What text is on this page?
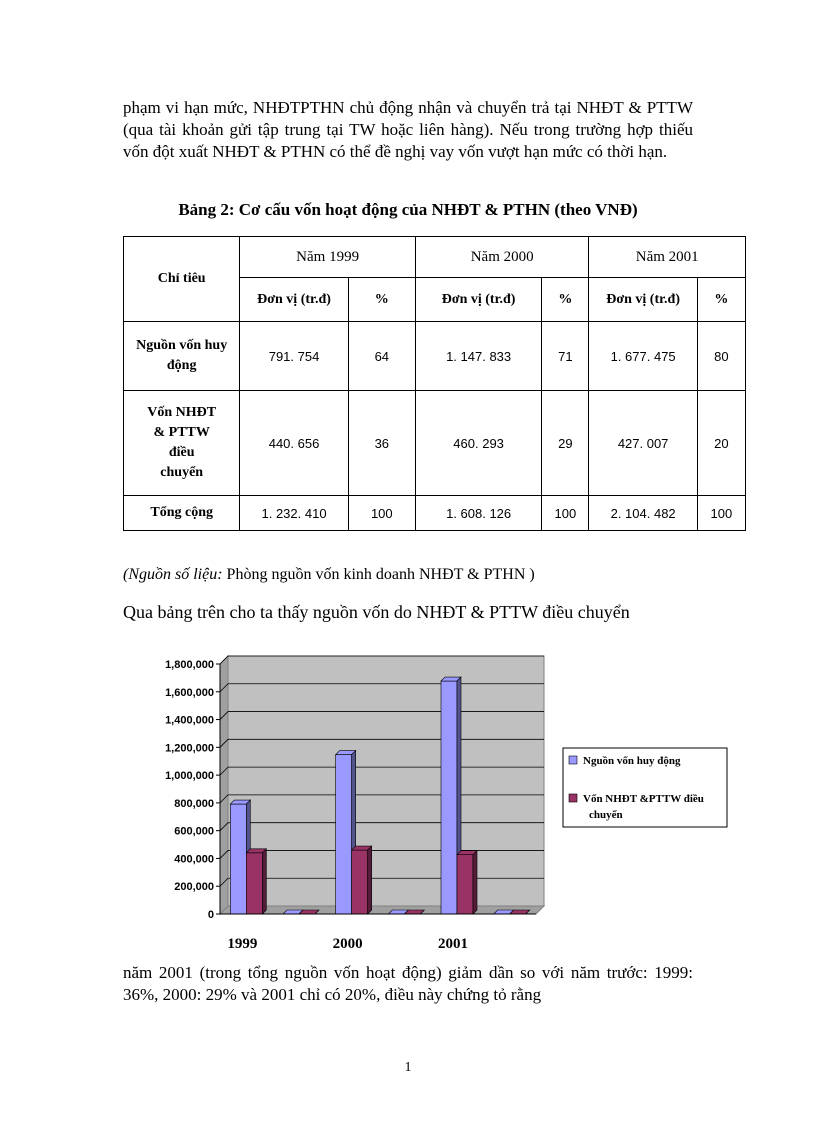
phạm vi hạn mức, NHĐTPTHN chủ động nhận và chuyển trả tại NHĐT & PTTW (qua tài khoản gửi tập trung tại TW hoặc liên hàng). Nếu trong trường hợp thiếu vốn đột xuất NHĐT & PTHN có thể đề nghị vay vốn vượt hạn mức có thời hạn.

Bảng 2: Cơ cấu vốn hoạt động của NHĐT & PTHN (theo VNĐ)

Chỉ tiêu	Năm 1999		Năm 2000		Năm 2001	
	Đơn vị (tr.đ)	%	Đơn vị (tr.đ)	%	Đơn vị (tr.đ)	%
Nguồn vốn huy động	791. 754	64	1. 147. 833	71	1. 677. 475	80
Vốn NHĐT & PTTW điều chuyển	440. 656	36	460. 293	29	427. 007	20
Tổng cộng	1. 232. 410	100	1. 608. 126	100	2. 104. 482	100

(Nguồn số liệu: Phòng nguồn vốn kinh doanh NHĐT & PTHN )

Qua bảng trên cho ta thấy nguồn vốn do NHĐT & PTTW điều chuyển

0
200,000
400,000
600,000
800,000
1,000,000
1,200,000
1,400,000
1,600,000
1,800,000
1999	2000	2001
Nguồn vốn huy động
Vốn NHĐT &PTTW điều chuyển

năm 2001 (trong tổng nguồn vốn hoạt động) giảm dần so với năm trước: 1999: 36%, 2000: 29% và 2001 chỉ có 20%, điều này chứng tỏ rằng

1
